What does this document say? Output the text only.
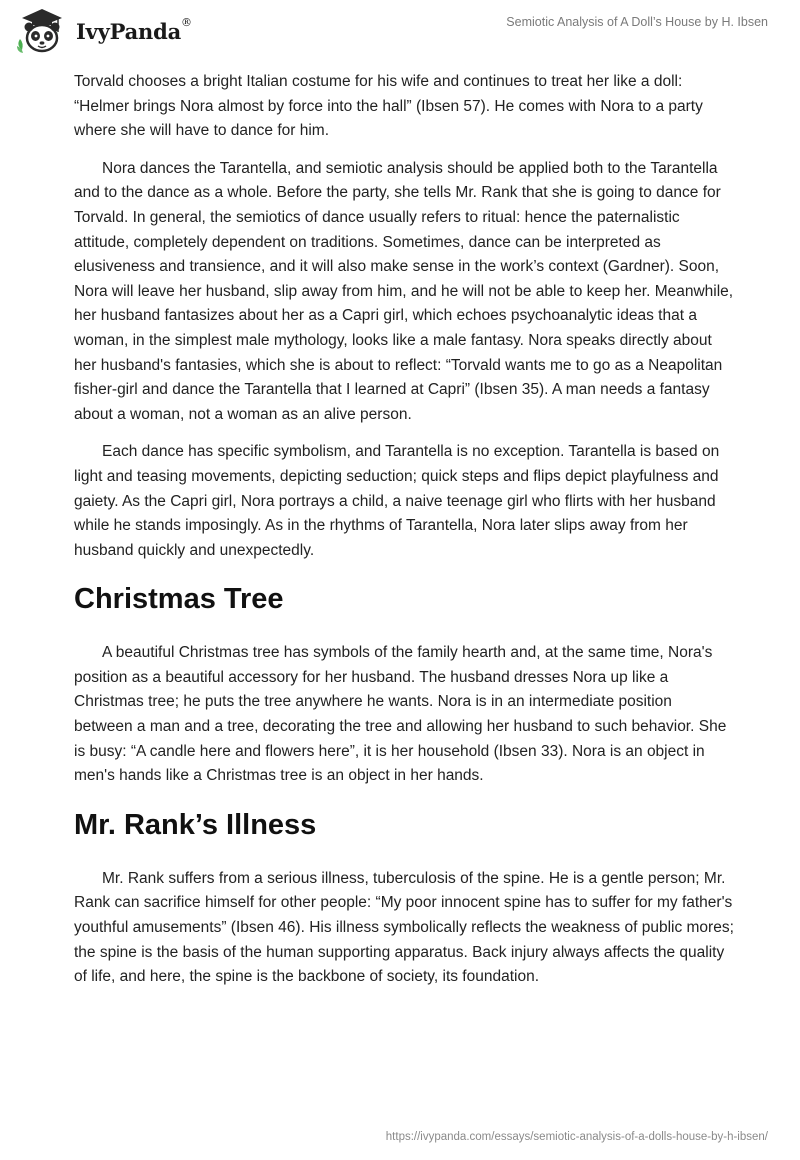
IvyPanda®	Semiotic Analysis of A Doll’s House by H. Ibsen

Torvald chooses a bright Italian costume for his wife and continues to treat her like a doll: “Helmer brings Nora almost by force into the hall” (Ibsen 57). He comes with Nora to a party where she will have to dance for him.

Nora dances the Tarantella, and semiotic analysis should be applied both to the Tarantella and to the dance as a whole. Before the party, she tells Mr. Rank that she is going to dance for Torvald. In general, the semiotics of dance usually refers to ritual: hence the paternalistic attitude, completely dependent on traditions. Sometimes, dance can be interpreted as elusiveness and transience, and it will also make sense in the work’s context (Gardner). Soon, Nora will leave her husband, slip away from him, and he will not be able to keep her. Meanwhile, her husband fantasizes about her as a Capri girl, which echoes psychoanalytic ideas that a woman, in the simplest male mythology, looks like a male fantasy. Nora speaks directly about her husband's fantasies, which she is about to reflect: “Torvald wants me to go as a Neapolitan fisher-girl and dance the Tarantella that I learned at Capri” (Ibsen 35). A man needs a fantasy about a woman, not a woman as an alive person.

Each dance has specific symbolism, and Tarantella is no exception. Tarantella is based on light and teasing movements, depicting seduction; quick steps and flips depict playfulness and gaiety. As the Capri girl, Nora portrays a child, a naive teenage girl who flirts with her husband while he stands imposingly. As in the rhythms of Tarantella, Nora later slips away from her husband quickly and unexpectedly.

Christmas Tree

A beautiful Christmas tree has symbols of the family hearth and, at the same time, Nora's position as a beautiful accessory for her husband. The husband dresses Nora up like a Christmas tree; he puts the tree anywhere he wants. Nora is in an intermediate position between a man and a tree, decorating the tree and allowing her husband to such behavior. She is busy: “A candle here and flowers here”, it is her household (Ibsen 33). Nora is an object in men's hands like a Christmas tree is an object in her hands.

Mr. Rank’s Illness

Mr. Rank suffers from a serious illness, tuberculosis of the spine. He is a gentle person; Mr. Rank can sacrifice himself for other people: “My poor innocent spine has to suffer for my father's youthful amusements” (Ibsen 46). His illness symbolically reflects the weakness of public mores; the spine is the basis of the human supporting apparatus. Back injury always affects the quality of life, and here, the spine is the backbone of society, its foundation.

https://ivypanda.com/essays/semiotic-analysis-of-a-dolls-house-by-h-ibsen/
